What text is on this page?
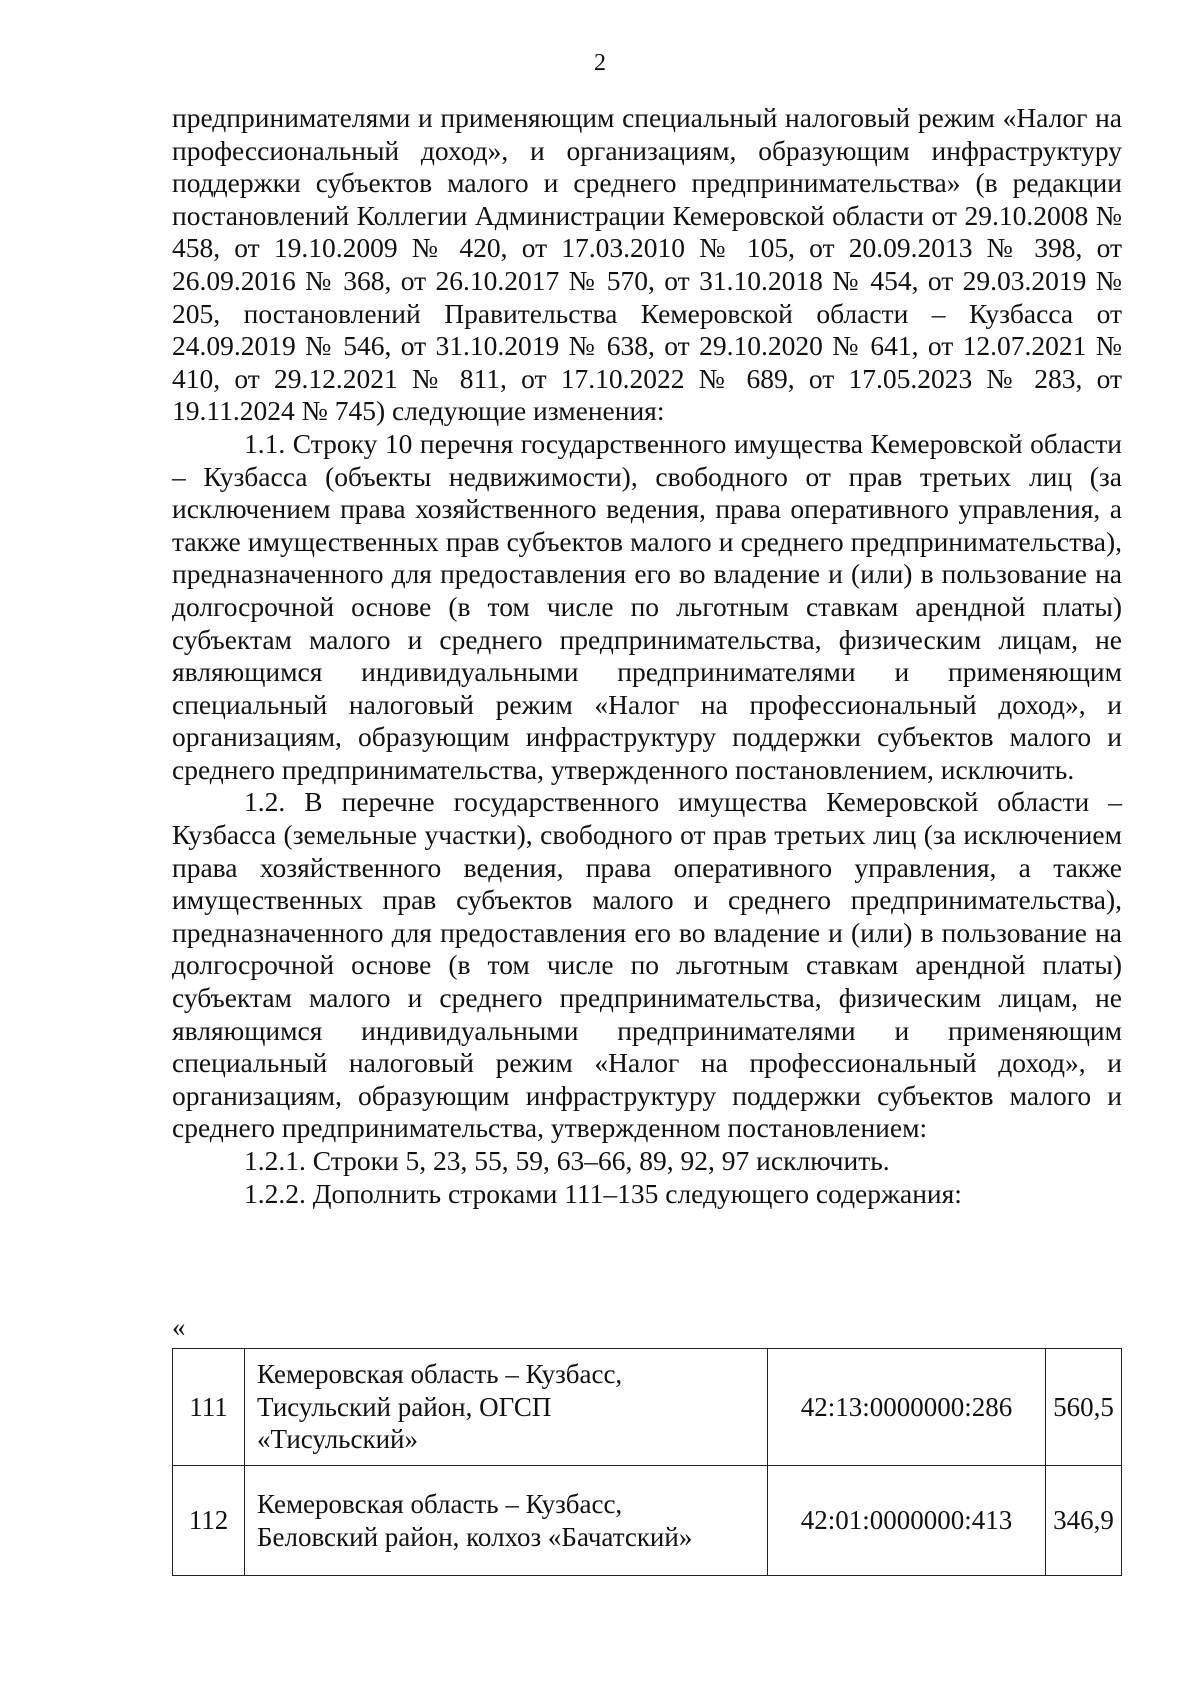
2

предпринимателями и применяющим специальный налоговый режим «Налог на профессиональный доход», и организациям, образующим инфраструктуру поддержки субъектов малого и среднего предпринимательства» (в редакции постановлений Коллегии Администрации Кемеровской области от 29.10.2008 № 458, от 19.10.2009 № 420, от 17.03.2010 № 105, от 20.09.2013 № 398, от 26.09.2016 № 368, от 26.10.2017 № 570, от 31.10.2018 № 454, от 29.03.2019 № 205, постановлений Правительства Кемеровской области – Кузбасса от 24.09.2019 № 546, от 31.10.2019 № 638, от 29.10.2020 № 641, от 12.07.2021 № 410, от 29.12.2021 № 811, от 17.10.2022 № 689, от 17.05.2023 № 283, от 19.11.2024 № 745) следующие изменения:

1.1. Строку 10 перечня государственного имущества Кемеровской области – Кузбасса (объекты недвижимости), свободного от прав третьих лиц (за исключением права хозяйственного ведения, права оперативного управления, а также имущественных прав субъектов малого и среднего предпринимательства), предназначенного для предоставления его во владение и (или) в пользование на долгосрочной основе (в том числе по льготным ставкам арендной платы) субъектам малого и среднего предпринимательства, физическим лицам, не являющимся индивидуальными предпринимателями и применяющим специальный налоговый режим «Налог на профессиональный доход», и организациям, образующим инфраструктуру поддержки субъектов малого и среднего предпринимательства, утвержденного постановлением, исключить.

1.2. В перечне государственного имущества Кемеровской области – Кузбасса (земельные участки), свободного от прав третьих лиц (за исключением права хозяйственного ведения, права оперативного управления, а также имущественных прав субъектов малого и среднего предпринимательства), предназначенного для предоставления его во владение и (или) в пользование на долгосрочной основе (в том числе по льготным ставкам арендной платы) субъектам малого и среднего предпринимательства, физическим лицам, не являющимся индивидуальными предпринимателями и применяющим специальный налоговый режим «Налог на профессиональный доход», и организациям, образующим инфраструктуру поддержки субъектов малого и среднего предпринимательства, утвержденном постановлением:

1.2.1. Строки 5, 23, 55, 59, 63–66, 89, 92, 97 исключить.

1.2.2. Дополнить строками 111–135 следующего содержания:

«
111	Кемеровская область – Кузбасс,
Тисульский район, ОГСП
«Тисульский»	42:13:0000000:286	560,5
112	Кемеровская область – Кузбасс,
Беловский район, колхоз «Бачатский»	42:01:0000000:413	346,9
